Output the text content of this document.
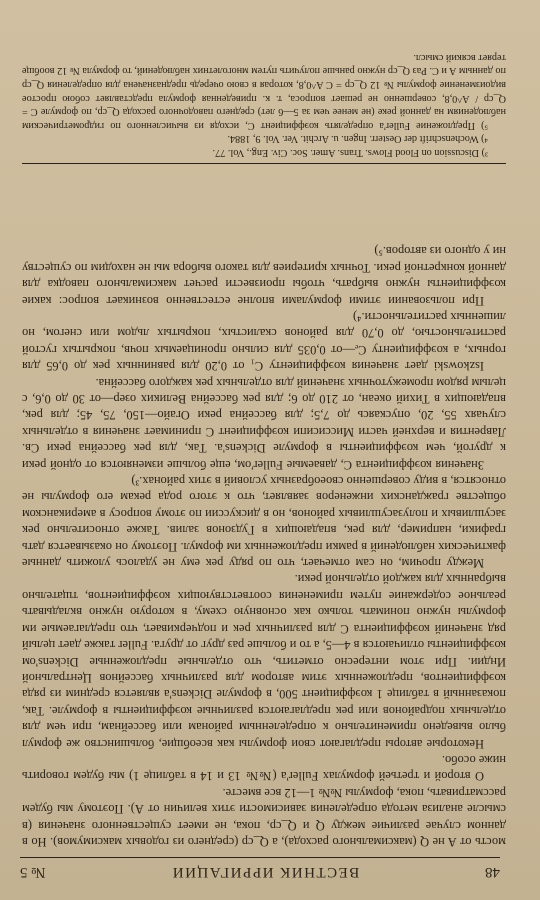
48
ВЕСТНИК ИРРИГАЦИИ
№ 5

мость от A не Q (максимального расхода), а Q_ср (среднего из годовых максимумов). Но в данном случае различие между Q и Q_ср, пока, не имеет существенного значения (в смысле анализа метода определения зависимости этих величин от A). Поэтому мы будем рассматривать, пока, формулы №№ 1—12 все вместе.

О второй и третьей формулах Fuller'а (№№ 13 и 14 в таблице 1) мы будем говорить ниже особо.

Некоторые авторы предлагают свои формулы как всеобщие, большинство же формул было выведено применительно к определенным районам или бассейнам, при чем для отдельных подрайонов или рек предлагаются различные коэффициенты в формуле. Так, показанный в таблице 1 коэффициент 500, в формуле Dickens'а является средним из ряда коэффициентов, предложенных этим автором для различных бассейнов Центральной Индии. При этом интересно отметить, что отдельные предложенные Dickens'ом коэффициенты отличаются в 4—5, а то и больше раз друг от друга. Fuller также дает целый ряд значений коэффициента C для различных рек и подчеркивает, что предлагаемые им формулы нужно понимать только как основную схему, в которую нужно вкладывать реальное содержание путем применения соответствующих коэффициентов, тщательно выбранных для каждой отдельной реки.

Между прочим, он сам отмечает, что по ряду рек ему не удалось уложить данные фактических наблюдений в рамки предложенных им формул. Поэтому он оказывается дать графики, например, для рек, впадающих в Гудзонов залив. Также относительно рек засушливых и полузасушливых районов, но в дискуссии по этому вопросу в американском обществе гражданских инженеров заявляет, что к этого рода рекам его формулы не относятся, в виду совершенно своеобразных условий в этих районах.³)

Значения коэффициента C, даваемые Fuller'ом, еще больше изменяются от одной реки к другой, чем коэффициенты в формуле Dickens'а. Так, для рек бассейна реки Св. Лаврентия и верхней части Миссисипи коэффициент C принимает значения в отдельных случаях 55, 20, опускаясь до 7,5; для бассейна реки Огайо—150, 75, 45; для рек, впадающих в Тихий океан, от 210 до 6; для рек бассейна Великих озер—от 30 до 0,6, с целым рядом промежуточных значений для отдельных рек каждого бассейна.

Iszkowski дает значения коэффициенту C₁ от 0,20 для равнинных рек до 0,65 для горных, а коэффициенту Cₑ—от 0,035 для сильно проницаемых почв, покрытых густой растительностью, до 0,70 для районов скалистых, покрытых льдом или снегом, но лишенных растительности.⁴)

При пользовании этими формулами вполне естественно возникает вопрос: какие коэффициенты нужно выбрать, чтобы произвести расчет максимального паводка для данной конкретной реки. Точных критериев для такого выбора мы не находим по существу ни у одного из авторов.⁵)

³) Discussion on Flood Flows. Trans. Amer. Soc. Civ. Eng., Vol. 77.

⁴) Wochenschrift der Oesterr. Ingen. u. Archit. Ver. Vol. 9, 1884.

⁵) Предложение Fuller'а определять коэффициент C, исходя из вычисленного по гидрометрическим наблюдениям на данной реке (не менее чем за 5—6 лет) среднего паводочного расхода Q_ср, по формуле C = Q_ср / A^0,8, совершенно не решает вопроса, т. к. приведенная формула представляет собою простое видоизменение формулы № 12 Q_ср = C A^0,8, которая в свою очередь предназначена для определения Q_ср по данным A и C. Раз Q_ср нужно раньше получить путем многолетних наблюдений, то формула № 12 вообще теряет всякий смысл.
